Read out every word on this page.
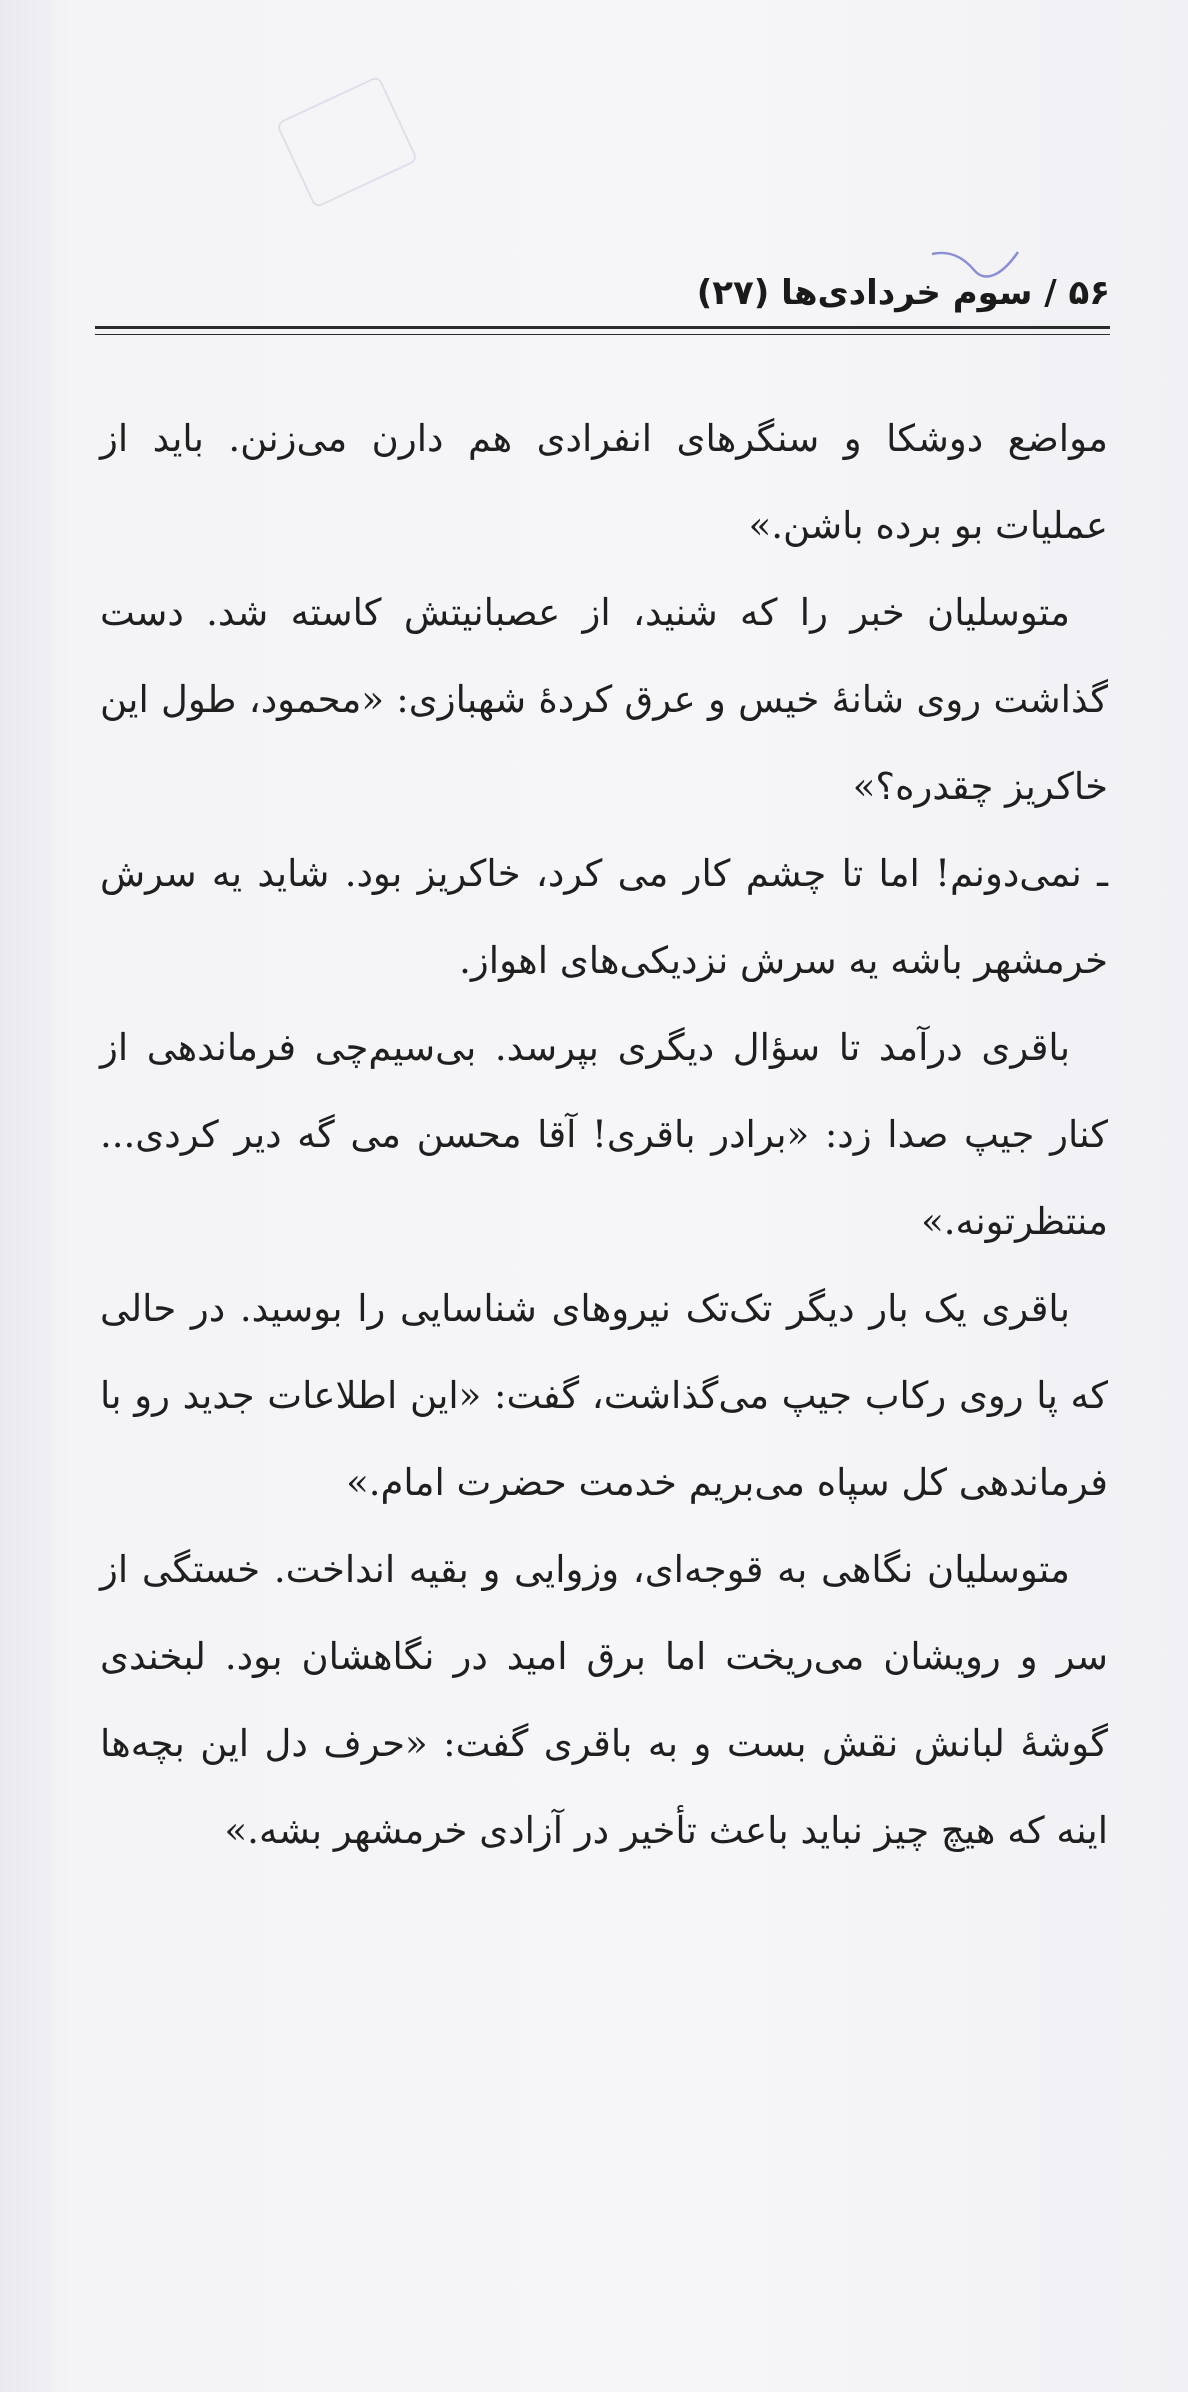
۵۶ / سوم خردادی‌ها (۲۷)

مواضع دوشکا و سنگرهای انفرادی هم دارن می‌زنن. باید از عملیات بو برده باشن.»

متوسلیان خبر را که شنید، از عصبانیتش کاسته شد. دست گذاشت روی شانهٔ خیس و عرق کردهٔ شهبازی: «محمود، طول این خاکریز چقدره؟»

ـ نمی‌دونم! اما تا چشم کار می کرد، خاکریز بود. شاید یه سرش خرمشهر باشه یه سرش نزدیکی‌های اهواز.

باقری درآمد تا سؤال دیگری بپرسد. بی‌سیم‌چی فرماندهی از کنار جیپ صدا زد: «برادر باقری! آقا محسن می گه دیر کردی... منتظرتونه.»

باقری یک بار دیگر تک‌تک نیروهای شناسایی را بوسید. در حالی که پا روی رکاب جیپ می‌گذاشت، گفت: «این اطلاعات جدید رو با فرماندهی کل سپاه می‌بریم خدمت حضرت امام.»

متوسلیان نگاهی به قوجه‌ای، وزوایی و بقیه انداخت. خستگی از سر و رویشان می‌ریخت اما برق امید در نگاهشان بود. لبخندی گوشهٔ لبانش نقش بست و به باقری گفت: «حرف دل این بچه‌ها اینه که هیچ چیز نباید باعث تأخیر در آزادی خرمشهر بشه.»
